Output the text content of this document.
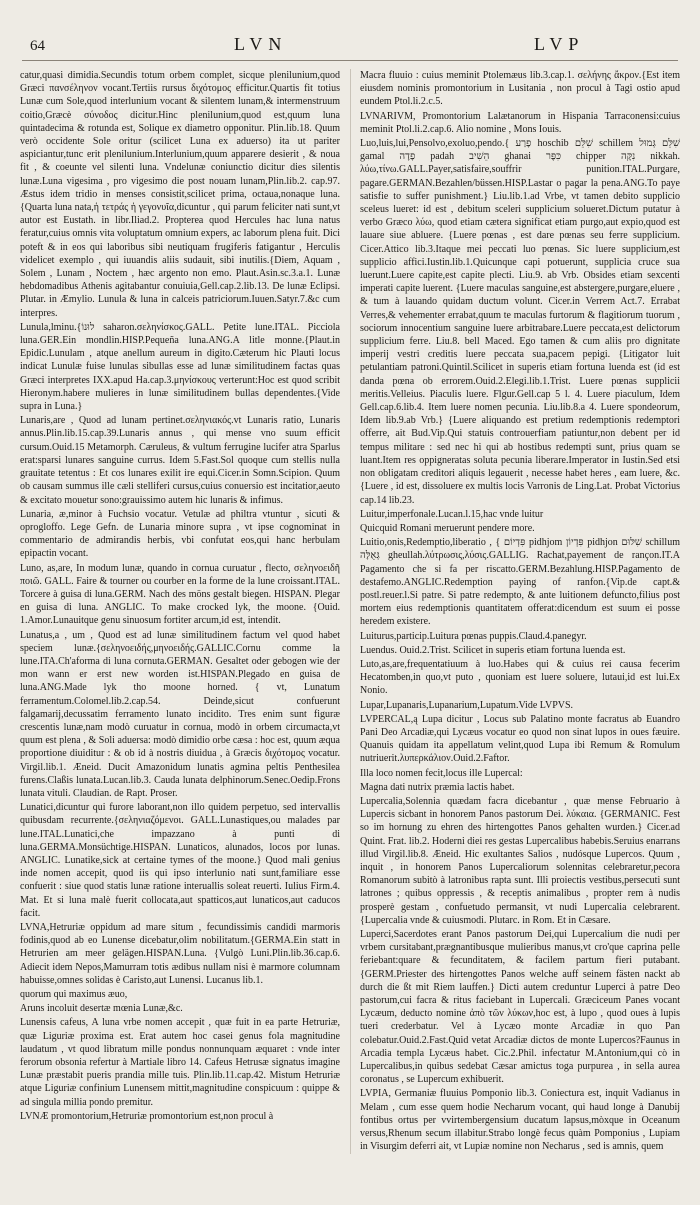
64	LVN	LVP

catur,quasi dimidia.Secundis totum orbem complet, sicque plenilunium,quod Græci πανσέληνον vocant.Tertiis rursus διχότομος efficitur.Quartis fit totius Lunæ cum Sole,quod interlunium vocant & silentem lunam,& intermenstruum coitio,Græcè σύνοδος dicitur.Hinc plenilunium,quod est,quum luna quintadecima & rotunda est, Solique ex diametro opponitur. Plin.lib.18. Quum verò occidente Sole oritur (scilicet Luna ex aduerso) ita ut pariter aspiciantur,tunc erit plenilunium.Interlunium,quum apparere desierit , & noua fit , & coeunte vel silenti luna. Vndelunæ coniunctio dicitur dies silentis lunæ.Luna vigesima , pro vigesimo die post nouam lunam,Plin.lib.2. cap.97. Æstus idem tridio in menses consistit,scilicet prima, octaua,nonaque luna. {Quarta luna nata,ἡ τετράς ἡ γεγονυῖα,dicuntur , qui parum feliciter nati sunt,vt autor est Eustath. in libr.Iliad.2. Propterea quod Hercules hac luna natus feratur,cuius omnis vita voluptatum omnium expers, ac laborum plena fuit. Dici poteft & in eos qui laboribus sibi neutiquam frugiferis fatigantur , Herculis videlicet exemplo , qui iuuandis aliis sudauit, sibi inutilis.{Diem, Aquam , Solem , Lunam , Noctem , hæc argento non emo. Plaut.Asin.sc.3.a.1. Lunæ hebdomadibus Athenis agitabantur conuiuia,Gell.cap.2.lib.13. De lunæ Eclipsi. Plutar. in Æmylio. Lunula & luna in calceis patriciorum.Iuuen.Satyr.7.&c cum interpres.

Lunula,lminu.{לוּנוֹ saharon.σεληνίσκος.GALL. Petite lune.ITAL. Picciola luna.GER.Ein mondlin.HISP.Pequeña luna.ANG.A litle monne.{Plaut.in Epidic.Lunulam , atque anellum aureum in digito.Cæterum hic Plauti locus indicat Lunulæ fuise lunulas sibullas esse ad lunæ similitudinem factas quas Græci interpretes IXX.apud Ha.cap.3.μηνίσκους verterunt:Hoc est quod scribit Hieronym.habere mulieres in lunæ similitudinem bullas dependentes.{Vide supra in Luna.}

Lunaris,are , Quod ad lunam pertinet.σεληνιακός.vt Lunaris ratio, Lunaris annus.Plin.lib.15.cap.39.Lunaris annus , qui mense vno suum efficit cursum.Ouid.15 Metamorph. Cæruleus, & vultum ferrugine lucifer atra Sparlus erat:sparsi lunares sanguine currus. Idem 5.Fast.Sol quoque cum stellis nulla grauitate tetentus : Et cos lunares exilit ire equi.Cicer.in Somn.Scipion. Quum ob causam summus ille cæli stelliferi cursus,cuius conuersio est incitatior,aeuto & excitato mouetur sono:grauissimo autem hic lunaris & infimus.

Lunaria, æ,minor à Fuchsio vocatur. Vetulæ ad philtra vtuntur , sicuti & oprogloffo. Lege Gefn. de Lunaria minore supra , vt ipse cognominat in commentario de admirandis herbis, vbi confutat eos,qui hanc herbulam epipactin vocant.

Luno, as,are, In modum lunæ, quando in cornua curuatur , flecto, σεληνοειδῆ ποιῶ. GALL. Faire & tourner ou courber en la forme de la lune croissant.ITAL. Torcere à guisa di luna.GERM. Nach des möns gestalt biegen. HISPAN. Plegar en guisa di luna. ANGLIC. To make crocked lyk, the moone. {Ouid. 1.Amor.Lunauitque genu sinuosum fortiter arcum,id est, intendit.

Lunatus,a , um , Quod est ad lunæ similitudinem factum vel quod habet speciem lunæ.{σεληνοειδής,μηνοειδής.GALLIC.Cornu comme la lune.ITA.Ch'aforma di luna cornuta.GERMAN. Gesaltet oder gebogen wie der mon wann er erst new worden ist.HISPAN.Plegado en guisa de luna.ANG.Made lyk tho moone horned. { vt, Lunatum ferramentum.Colomel.lib.2.cap.54. Deinde,sicut confuerunt falgamarij,decussatim ferramento lunato incidito. Tres enim sunt figuræ crescentis lunæ,nam modò curuatur in cornua, modò in orbem circumacta,vt quum est plena , & Soli aduersa: modò dimidio orbe cæsa : hoc est, quum æqua proportione diuiditur : & ob id à nostris diuidua , à Græcis διχότομος vocatur. Virgil.lib.1. Æneid. Ducit Amazonidum lunatis agmina peltis Penthesilea furens.Claßis lunata.Lucan.lib.3. Cauda lunata delphinorum.Senec.Oedip.Frons lunata vituli. Claudian. de Rapt. Proser.

Lunatici,dicuntur qui furore laborant,non illo quidem perpetuo, sed intervallis quibusdam recurrente.{σεληνιαζόμενοι. GALL.Lunastiques,ou malades par lune.ITAL.Lunatici,che impazzano à punti di luna.GERMA.Monsüchtige.HISPAN. Lunaticos, alunados, locos por lunas. ANGLIC. Lunatike,sick at certaine tymes of the moone.} Quod mali genius inde nomen accepit, quod iis qui ipso interlunio nati sunt,familiare esse confuerit : siue quod statis lunæ ratione interuallis soleat reuerti. Iulius Firm.4. Mat. Et si luna malè fuerit collocata,aut spatticos,aut lunaticos,aut caducos facit.

LVNA,Hetruriæ oppidum ad mare situm , fecundissimis candidi marmoris fodinis,quod ab eo Lunense dicebatur,olim nobilitatum.{GERMA.Ein statt in Hetrurien am meer gelägen.HISPAN.Luna. {Vulgò Luni.Plin.lib.36.cap.6. Adiecit idem Nepos,Mamurram totis ædibus nullam nisi è marmore columnam habuisse,omnes solidas è Caristo,aut Lunensi. Lucanus lib.1.

quorum qui maximus æuo,

Aruns incoluit desertæ mœnia Lunæ,&c.

Lunensis cafeus, A luna vrbe nomen accepit , quæ fuit in ea parte Hetruriæ, quæ Liguriæ proxima est. Erat autem hoc casei genus fola magnitudine laudatum , vt quod libratum mille pondus nonnunquam æquaret : vnde inter ferorum obsonia refertur à Martiale libro 14. Cafeus Hetrusæ signatus imagine Lunæ præstabit pueris prandia mille tuis. Plin.lib.11.cap.42. Mistum Hetruriæ atque Liguriæ confinium Lunensem mittit,magnitudine conspicuum : quippe & ad singula millia pondo premitur.

LVNÆ promontorium,Hetruriæ promontorium est,non procul à

Macra fluuio : cuius meminit Ptolemæus lib.3.cap.1. σελήνης ἄκρον.{Est item eiusdem nominis promontorium in Lusitania , non procul à Tagi ostio apud eundem Ptol.li.2.c.5.

LVNARIVM, Promontorium Lalætanorum in Hispania Tarraconensi:cuius meminit Ptol.li.2.cap.6. Alio nomine , Mons Iouis.

Luo,luis,lui,Pensolvo,exoluo,pendo.{ פָרַע hoschib שִׁלֵּם schillem שִׁלֵּם גְּמוּל gamal פָדָה padah הֵשִׁיב ghanai כִּפֶּר chipper נִקָּה nikkah. λύω,τίνω.GALL.Payer,satisfaire,souffrir punition.ITAL.Purgare, pagare.GERMAN.Bezahlen/büssen.HISP.Lastar o pagar la pena.ANG.To paye satisfie to suffer punishment.} Liu.lib.1.ad Vrbe, vt tamen debito supplicio sceleus lueret: id est , debitum sceleri supplicium solueret.Dictum putatur à verbo Græco λύω, quod etiam cætera significat etiam purgo,aut expio,quod est lauare siue abluere. {Luere pœnas , est dare pœnas seu ferre supplicium. Cicer.Attico lib.3.Itaque mei peccati luo pœnas. Sic luere supplicium,est supplicio affici.Iustin.lib.1.Quicunque capi potuerunt, supplicia cruce sua luerunt.Luere capite,est capite plecti. Liu.9. ab Vrb. Obsides etiam sexcenti imperati capite luerent. {Luere maculas sanguine,est abstergere,purgare,eluere , & tum à lauando quidam ductum volunt. Cicer.in Verrem Act.7. Errabat Verres,& vehementer errabat,quum te maculas furtorum & flagitiorum tuorum , sociorum innocentium sanguine luere arbitrabare.Luere peccata,est delictorum supplicium ferre. Liu.8. bell Maced. Ego tamen & cum aliis pro dignitate imperij vestri creditis luere peccata sua,pacem pepigi. {Litigator luit petulantiam patroni.Quintil.Scilicet in superis etiam fortuna luenda est (id est danda pœna ob errorem.Ouid.2.Elegi.lib.1.Trist. Luere pœnas supplicii meritis.Velleius. Piaculis luere. Flgur.Gell.cap 5 l. 4. Luere piaculum, Idem Gell.cap.6.lib.4. Item luere nomen pecunia. Liu.lib.8.a 4. Luere spondeorum, Idem lib.9.ab Vrb.} {Luere aliquando est pretium redemptionis redemptori offerre, ait Bud.Vip.Qui statuis controuerfiam patiuntur,non debent per id tempus militare : sed nec hi qui ab hostibus redempti sunt, prius quam se luant.Item res oppigneratas soluta pecunia liberare.Imperator in Iustin.Sed etsi non obligatam creditori aliquis legauerit , necesse habet heres , eam luere, &c.{Luere , id est, dissoluere ex multis locis Varronis de Ling.Lat. Probat Victorius cap.14 lib.23.

Luitur,imperfonale.Lucan.l.15,hac vnde luitur

Quicquid Romani meruerunt pendere more.

Luitio,onis,Redemptio,liberatio , { פִּדְיוֹם pidhjom פִּדְיוֹן pidhjon שִׁלּוּם schillum גְּאֻלָּה gheullah.λύτρωσις,λύσις.GALLIG. Rachat,payement de rançon.IT.A Pagamento che si fa per riscatto.GERM.Bezahlung.HISP.Pagamento de destafemo.ANGLIC.Redemption paying of ranfon.{Vip.de capt.& postl.reuer.l.Si patre. Si patre redempto, & ante luitionem defuncto,filius post mortem eius redemptionis quantitatem offerat:dicendum est suum ei posse heredem existere.

Luiturus,particip.Luitura pœnas puppis.Claud.4.panegyr.

Luendus. Ouid.2.Trist. Scilicet in superis etiam fortuna luenda est.

Luto,as,are,frequentatiuum à luo.Habes qui & cuius rei causa fecerim Hecatomben,in quo,vt puto , quoniam est luere soluere, lutaui,id est lui.Ex Nonio.

Lupar,Lupanaris,Lupanarium,Lupatum.Vide LVPVS.

LVPERCAL,ą Lupa dicitur , Locus sub Palatino monte facratus ab Euandro Pani Deo Arcadiæ,qui Lycæus vocatur eo quod non sinat lupos in oues fæuire. Quanuis quidam ita appellatum velint,quod Lupa ibi Remum & Romulum nutriuerit.λυπερκάλιον.Ouid.2.Faftor.

Illa loco nomen fecit,locus ille Lupercal:

Magna dati nutrix præmia lactis habet.

Lupercalia,Solennia quædam facra dicebantur , quæ mense Februario à Lupercis sicbant in honorem Panos pastorum Dei. λύκαια. {GERMANIC. Fest so im hornung zu ehren des hirtengottes Panos gehalten wurden.} Cicer.ad Quint. Frat. lib.2. Hoderni diei res gestas Lupercalibus habebis.Seruius enarrans illud Virgil.lib.8. Æneid. Hic exultantes Salios , nudósque Lupercos. Quum , inquit , in honorem Panos Lupercaliorum solennitas celebraretur,pecora Romanorum subitò à latronibus rapta sunt. Illi proiectis vestibus,persecuti sunt latrones ; quibus oppressis , & receptis animalibus , propter rem à nudis prosperè gestam , confuetudo permansit, vt nudi Lupercalia celebrarent. {Lupercalia vnde & cuiusmodi. Plutarc. in Rom. Et in Cæsare.

Luperci,Sacerdotes erant Panos pastorum Dei,qui Lupercalium die nudi per vrbem cursitabant,prægnantibusque mulieribus manus,vt cro'que caprina pelle feriebant:quare & fecunditatem, & facilem partum fieri putabant.{GERM.Priester des hirtengottes Panos welche auff seinem fästen nackt ab durch die ßt mit Riem lauffen.} Dicti autem creduntur Luperci à patre Deo pastorum,cui facra & ritus faciebant in Lupercali. Græciceum Panes vocant Lycæum, deducto nomine ἀπὸ τῶν λύκων,hoc est, à lupo , quod oues à lupis tueri crederbatur. Vel à Lycæo monte Arcadiæ in quo Pan colebatur.Ouid.2.Fast.Quid vetat Arcadiæ dictos de monte Lupercos?Faunus in Arcadia templa Lycæus habet. Cic.2.Phil. infectatur M.Antonium,qui cò in Lupercalibus,in quibus sedebat Cæsar amictus toga purpurea , in sella aurea coronatus , se Lupercum exhibuerit.

LVPIA, Germaniæ fluuius Pomponio lib.3. Coniectura est, inquit Vadianus in Melam , cum esse quem hodie Necharum vocant, qui haud longe à Danubij fontibus ortus per vvirtembergensium ducatum lapsus,mòxque in Oceanum versus,Rhenum secum illabitur.Strabo longè fecus quàm Pomponius , Lupiam in Visurgim deferri ait, vt Lupiæ nomine non Necharus , sed is amnis, quem
